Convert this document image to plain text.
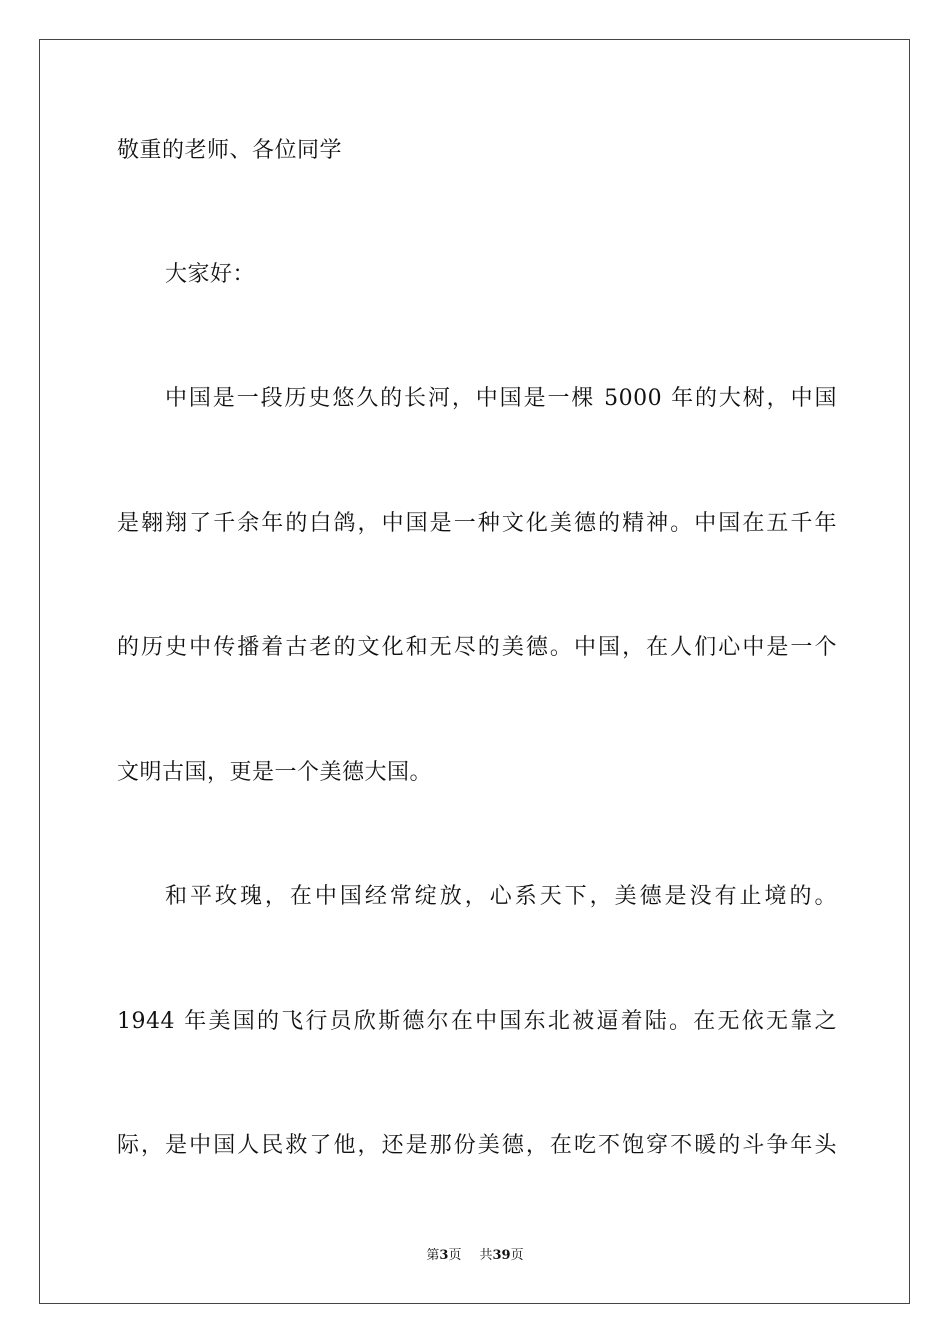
敬重的老师、各位同学
大家好：
中国是一段历史悠久的长河，中国是一棵 5000 年的大树，中国
是翱翔了千余年的白鸽，中国是一种文化美德的精神。中国在五千年
的历史中传播着古老的文化和无尽的美德。中国，在人们心中是一个
文明古国，更是一个美德大国。
和平玫瑰，在中国经常绽放，心系天下，美德是没有止境的。
1944 年美国的飞行员欣斯德尔在中国东北被逼着陆。在无依无靠之
际，是中国人民救了他，还是那份美德，在吃不饱穿不暖的斗争年头
第3页 共39页
